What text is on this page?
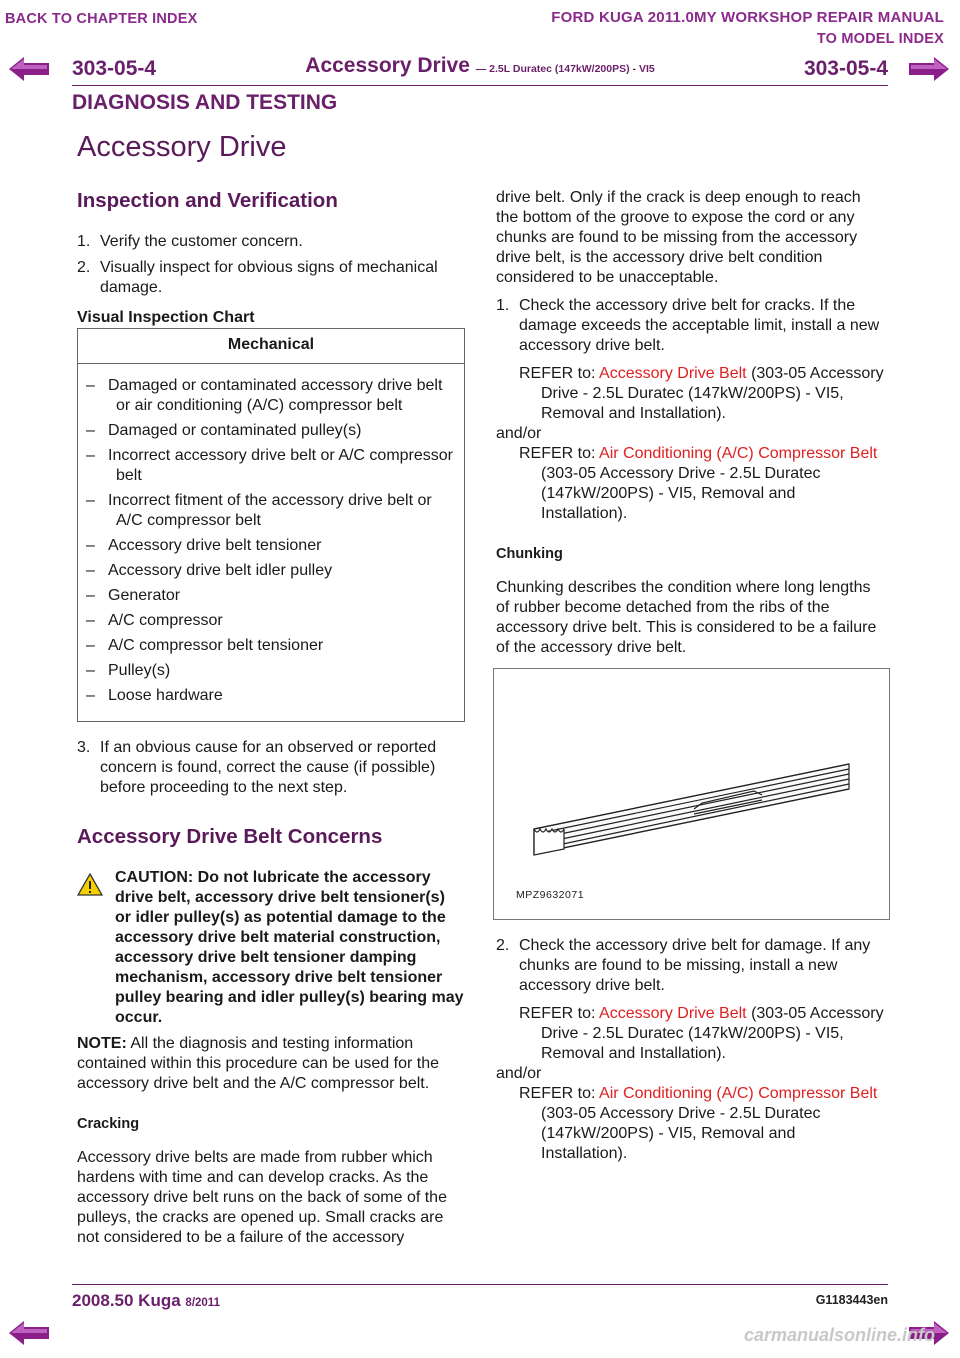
BACK TO CHAPTER INDEX	FORD KUGA 2011.0MY WORKSHOP REPAIR MANUAL
TO MODEL INDEX
303-05-4	Accessory Drive — 2.5L Duratec (147kW/200PS) - VI5	303-05-4
DIAGNOSIS AND TESTING
Accessory Drive
Inspection and Verification
1. Verify the customer concern.
2. Visually inspect for obvious signs of mechanical damage.
Visual Inspection Chart
Mechanical

– Damaged or contaminated accessory drive belt or air conditioning (A/C) compressor belt
– Damaged or contaminated pulley(s)
– Incorrect accessory drive belt or A/C compressor belt
– Incorrect fitment of the accessory drive belt or A/C compressor belt
– Accessory drive belt tensioner
– Accessory drive belt idler pulley
– Generator
– A/C compressor
– A/C compressor belt tensioner
– Pulley(s)
– Loose hardware
3. If an obvious cause for an observed or reported concern is found, correct the cause (if possible) before proceeding to the next step.
Accessory Drive Belt Concerns
CAUTION: Do not lubricate the accessory drive belt, accessory drive belt tensioner(s) or idler pulley(s) as potential damage to the accessory drive belt material construction, accessory drive belt tensioner damping mechanism, accessory drive belt tensioner pulley bearing and idler pulley(s) bearing may occur.
NOTE: All the diagnosis and testing information contained within this procedure can be used for the accessory drive belt and the A/C compressor belt.
Cracking
Accessory drive belts are made from rubber which hardens with time and can develop cracks. As the accessory drive belt runs on the back of some of the pulleys, the cracks are opened up. Small cracks are not considered to be a failure of the accessory
drive belt. Only if the crack is deep enough to reach the bottom of the groove to expose the cord or any chunks are found to be missing from the accessory drive belt, is the accessory drive belt condition considered to be unacceptable.
1. Check the accessory drive belt for cracks. If the damage exceeds the acceptable limit, install a new accessory drive belt.
REFER to: Accessory Drive Belt (303-05 Accessory Drive - 2.5L Duratec (147kW/200PS) - VI5, Removal and Installation).
and/or
REFER to: Air Conditioning (A/C) Compressor Belt (303-05 Accessory Drive - 2.5L Duratec (147kW/200PS) - VI5, Removal and Installation).
Chunking
Chunking describes the condition where long lengths of rubber become detached from the ribs of the accessory drive belt. This is considered to be a failure of the accessory drive belt.
MPZ9632071
2. Check the accessory drive belt for damage. If any chunks are found to be missing, install a new accessory drive belt.
REFER to: Accessory Drive Belt (303-05 Accessory Drive - 2.5L Duratec (147kW/200PS) - VI5, Removal and Installation).
and/or
REFER to: Air Conditioning (A/C) Compressor Belt (303-05 Accessory Drive - 2.5L Duratec (147kW/200PS) - VI5, Removal and Installation).
2008.50 Kuga 8/2011	G1183443en
carmanualsonline.info
